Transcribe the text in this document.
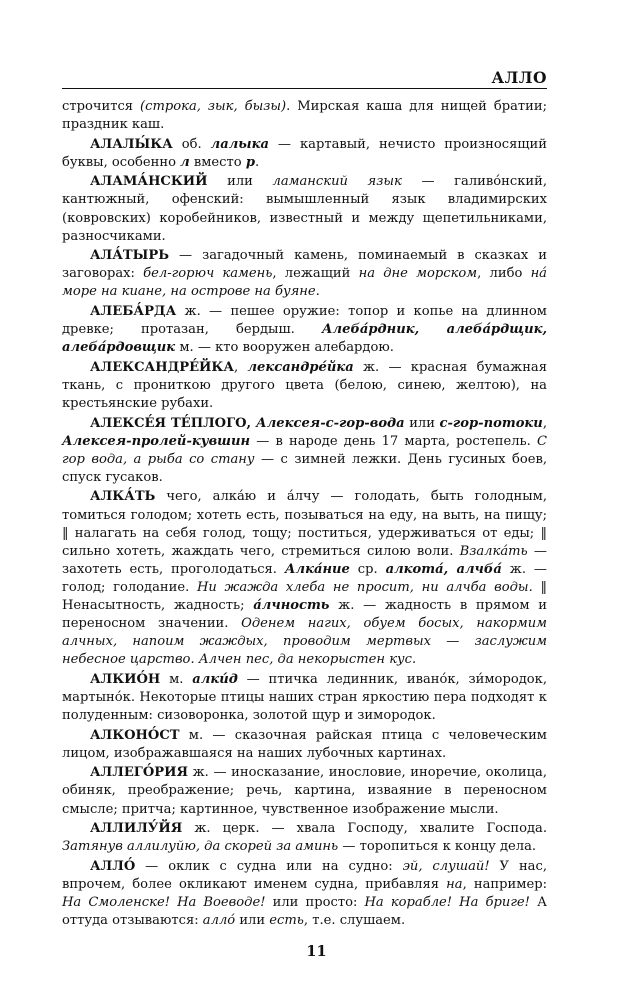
АЛЛО

строчится (строка, зык, бызы). Мирская каша для нищей братии; праздник каш.

АЛАЛЫ́КА об. лалыка — картавый, нечисто произносящий буквы, особенно л вместо р.

АЛАМА́НСКИЙ или ламанский язык — галиво́нский, кантюжный, офенский: вымышленный язык владимирских (ковровских) коробейников, известный и между щепетильниками, разносчиками.

АЛА́ТЫРЬ — загадочный камень, поминаемый в сказках и заговорах: бел-горюч камень, лежащий на дне морском, либо на́ море на киане, на острове на буяне.

АЛЕБА́РДА ж. — пешее оружие: топор и копье на длинном древке; протазан, бердыш. Алеба́рдник, алеба́рдщик, алеба́рдовщик м. — кто вооружен алебардою.

АЛЕКСАНДРЕ́ЙКА, лександре́йка ж. — красная бумажная ткань, с прониткою другого цвета (белою, синею, желтою), на крестьянские рубахи.

АЛЕКСЕ́Я ТЕ́ПЛОГО, Алексея-с-гор-вода или с-гор-потоки, Алексея-пролей-кувшин — в народе день 17 марта, ростепель. С гор вода, а рыба со стану — с зимней лежки. День гусиных боев, спуск гусаков.

АЛКА́ТЬ чего, алка́ю и а́лчу — голодать, быть голодным, томиться голодом; хотеть есть, позываться на еду, на выть, на пищу; ‖ налагать на себя голод, тощу; поститься, удерживаться от еды; ‖ сильно хотеть, жаждать чего, стремиться силою воли. Взалка́ть — захотеть есть, проголодаться. Алка́ние ср. алкота́, алчба́ ж. — голод; голодание. Ни жажда хлеба не просит, ни алчба воды. ‖ Ненасытность, жадность; а́лчность ж. — жадность в прямом и переносном значении. Оденем нагих, обуем босых, накормим алчных, напоим жаждых, проводим мертвых — заслужим небесное царство. Алчен пес, да некорыстен кус.

АЛКИО́Н м. алки́д — птичка лединник, ивано́к, зи́мородок, мартыно́к. Некоторые птицы наших стран яркостию пера подходят к полуденным: сизоворонка, золотой щур и зимородок.

АЛКОНО́СТ м. — сказочная райская птица с человеческим лицом, изображавшаяся на наших лубочных картинах.

АЛЛЕГО́РИЯ ж. — иносказание, инословие, иноречие, околица, обиняк, преображение; речь, картина, изваяние в переносном смысле; притча; картинное, чувственное изображение мысли.

АЛЛИЛУ́ЙЯ ж. церк. — хвала Господу, хвалите Господа. Затянув аллилуйю, да скорей за аминь — торопиться к концу дела.

АЛЛО́ — оклик с судна или на судно: эй, слушай! У нас, впрочем, более окликают именем судна, прибавляя на, например: На Смоленске! На Воеводе! или просто: На корабле! На бриге! А оттуда отзываются: алло́ или есть, т.е. слушаем.

11
